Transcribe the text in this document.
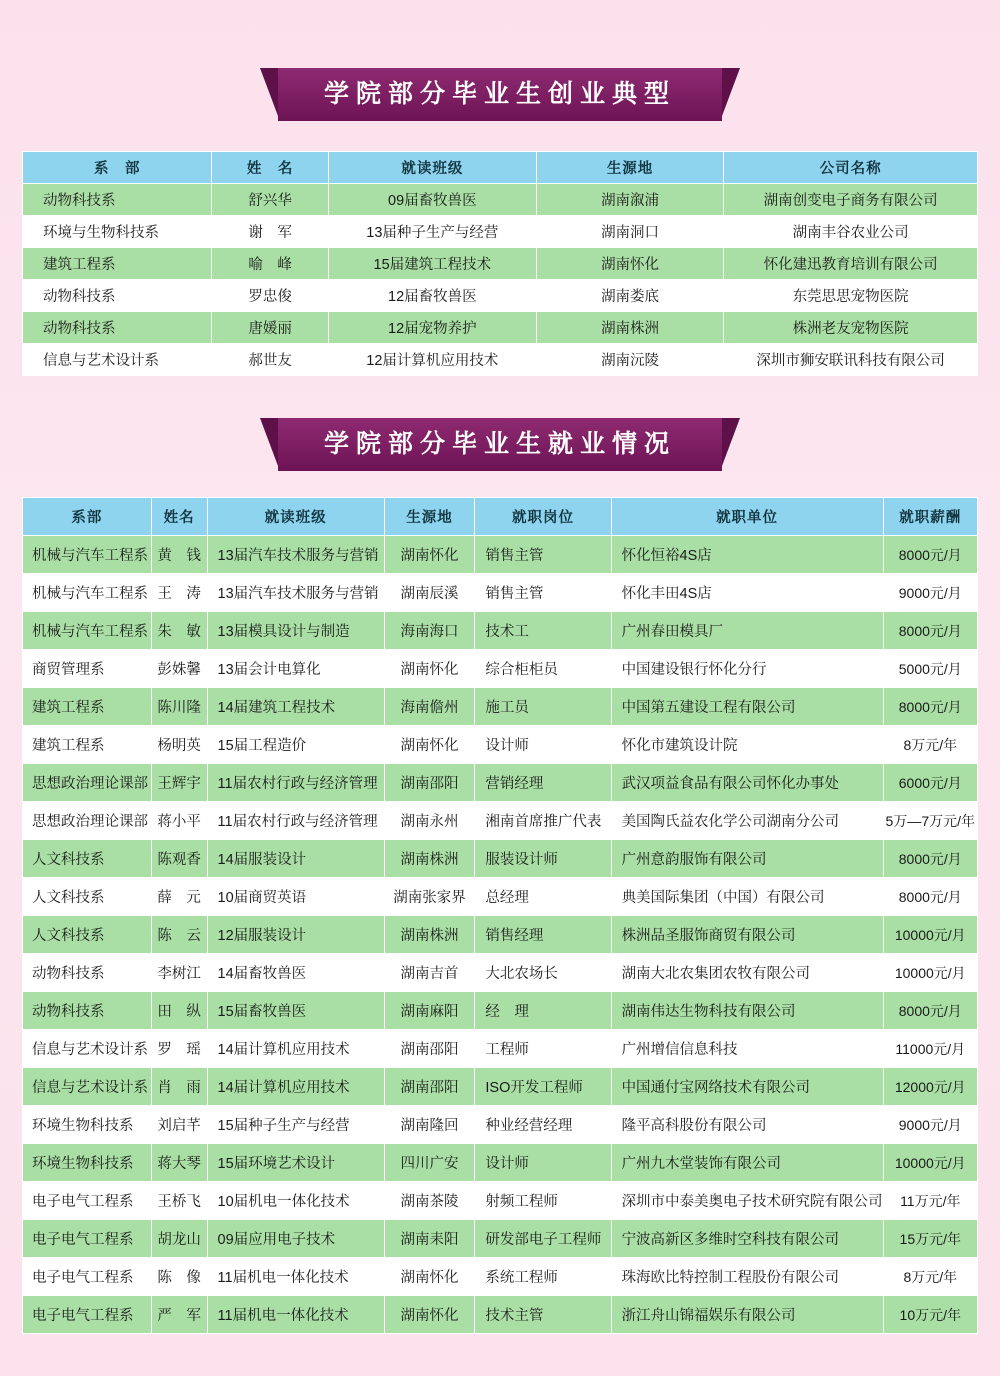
学院部分毕业生创业典型
系　部	姓　名	就读班级	生源地	公司名称
动物科技系	舒兴华	09届畜牧兽医	湖南溆浦	湖南创变电子商务有限公司
环境与生物科技系	谢　军	13届种子生产与经营	湖南洞口	湖南丰谷农业公司
建筑工程系	喻　峰	15届建筑工程技术	湖南怀化	怀化建迅教育培训有限公司
动物科技系	罗忠俊	12届畜牧兽医	湖南娄底	东莞思思宠物医院
动物科技系	唐媛丽	12届宠物养护	湖南株洲	株洲老友宠物医院
信息与艺术设计系	郝世友	12届计算机应用技术	湖南沅陵	深圳市狮安联讯科技有限公司
学院部分毕业生就业情况
系部	姓名	就读班级	生源地	就职岗位	就职单位	就职薪酬
机械与汽车工程系	黄　钱	13届汽车技术服务与营销	湖南怀化	销售主管	怀化恒裕4S店	8000元/月
机械与汽车工程系	王　涛	13届汽车技术服务与营销	湖南辰溪	销售主管	怀化丰田4S店	9000元/月
机械与汽车工程系	朱　敏	13届模具设计与制造	海南海口	技术工	广州春田模具厂	8000元/月
商贸管理系	彭姝馨	13届会计电算化	湖南怀化	综合柜柜员	中国建设银行怀化分行	5000元/月
建筑工程系	陈川隆	14届建筑工程技术	海南儋州	施工员	中国第五建设工程有限公司	8000元/月
建筑工程系	杨明英	15届工程造价	湖南怀化	设计师	怀化市建筑设计院	8万元/年
思想政治理论课部	王辉宇	11届农村行政与经济管理	湖南邵阳	营销经理	武汉项益食品有限公司怀化办事处	6000元/月
思想政治理论课部	蒋小平	11届农村行政与经济管理	湖南永州	湘南首席推广代表	美国陶氏益农化学公司湖南分公司	5万—7万元/年
人文科技系	陈观香	14届服装设计	湖南株洲	服装设计师	广州意韵服饰有限公司	8000元/月
人文科技系	薛　元	10届商贸英语	湖南张家界	总经理	典美国际集团（中国）有限公司	8000元/月
人文科技系	陈　云	12届服装设计	湖南株洲	销售经理	株洲品圣服饰商贸有限公司	10000元/月
动物科技系	李树江	14届畜牧兽医	湖南吉首	大北农场长	湖南大北农集团农牧有限公司	10000元/月
动物科技系	田　纵	15届畜牧兽医	湖南麻阳	经　理	湖南伟达生物科技有限公司	8000元/月
信息与艺术设计系	罗　瑶	14届计算机应用技术	湖南邵阳	工程师	广州增信信息科技	11000元/月
信息与艺术设计系	肖　雨	14届计算机应用技术	湖南邵阳	ISO开发工程师	中国通付宝网络技术有限公司	12000元/月
环境生物科技系	刘启芊	15届种子生产与经营	湖南隆回	种业经营经理	隆平高科股份有限公司	9000元/月
环境生物科技系	蒋大琴	15届环境艺术设计	四川广安	设计师	广州九木堂装饰有限公司	10000元/月
电子电气工程系	王桥飞	10届机电一体化技术	湖南茶陵	射频工程师	深圳市中泰美奥电子技术研究院有限公司	11万元/年
电子电气工程系	胡龙山	09届应用电子技术	湖南耒阳	研发部电子工程师	宁波高新区多维时空科技有限公司	15万元/年
电子电气工程系	陈　像	11届机电一体化技术	湖南怀化	系统工程师	珠海欧比特控制工程股份有限公司	8万元/年
电子电气工程系	严　军	11届机电一体化技术	湖南怀化	技术主管	浙江舟山锦福娱乐有限公司	10万元/年
